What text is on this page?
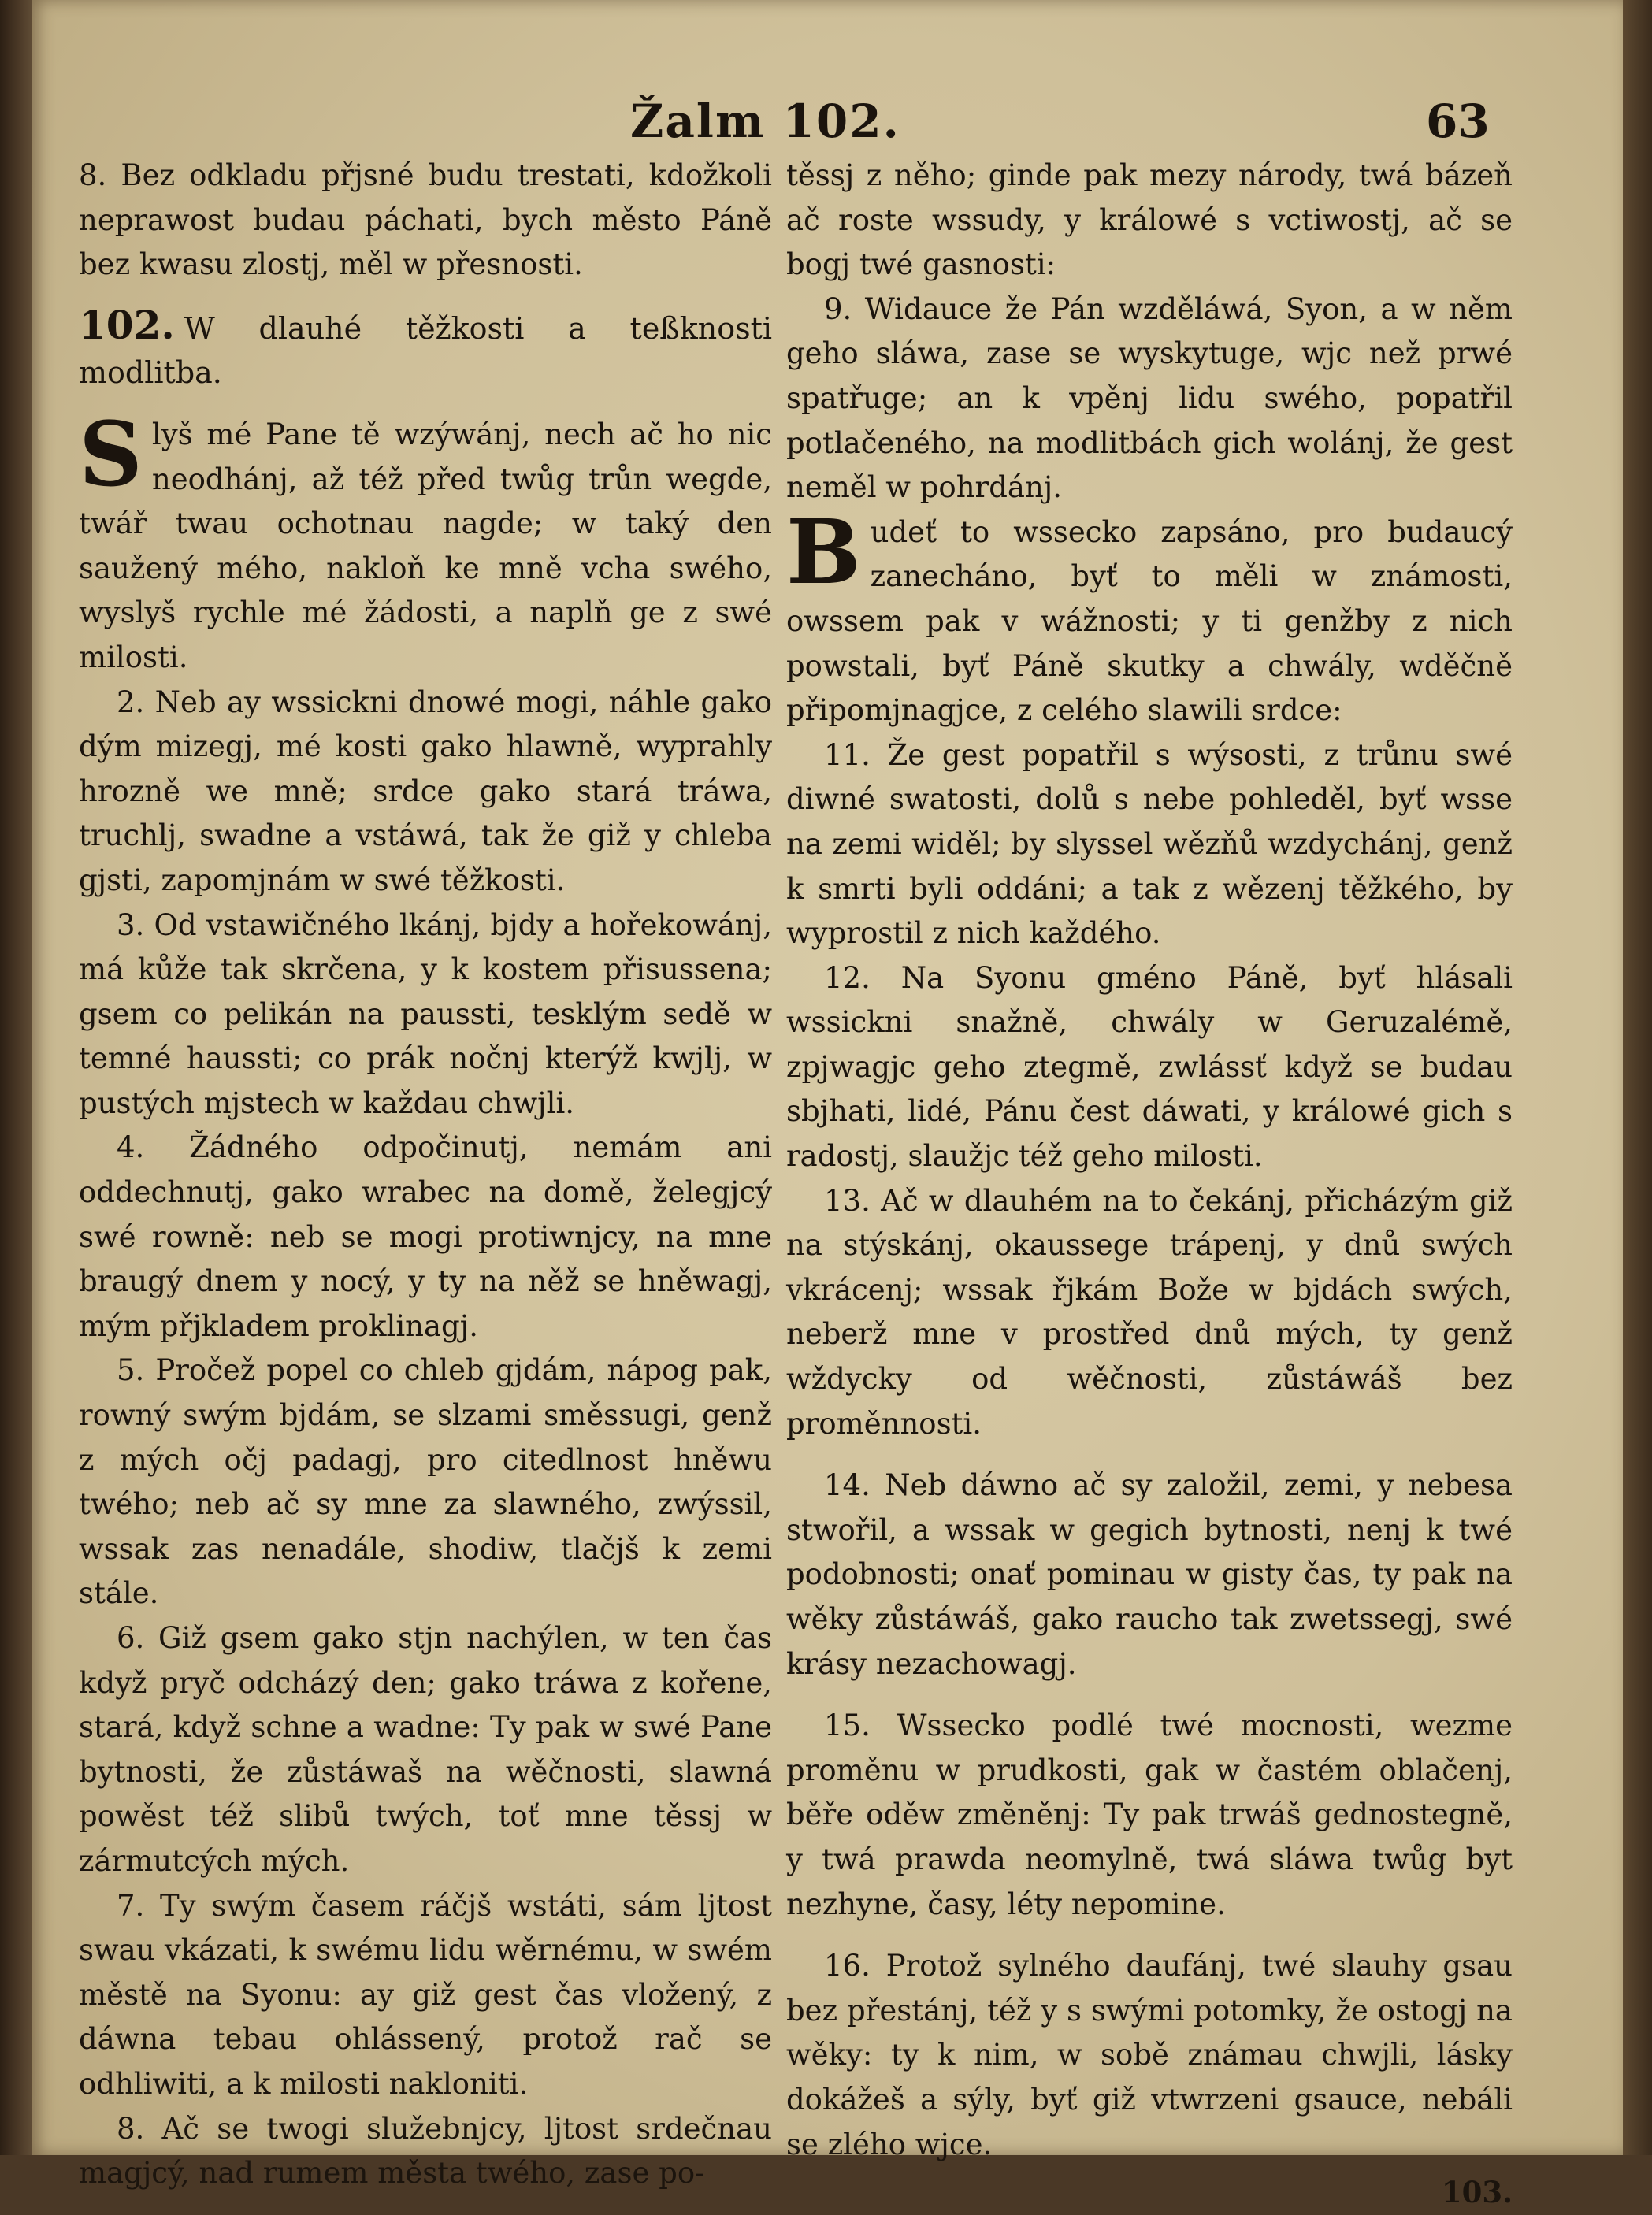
Žalm 102.	63

8. Bez odkladu přjsné budu trestati, kdožkoli neprawost budau páchati, bych město Páně bez kwasu zlostj, měl w přesnosti.

102. W dlauhé těžkosti a teßknosti modlitba.

Slyš mé Pane tě wzýwánj, nech ač ho nic neodhánj, až též před twůg trůn wegde, twář twau ochotnau nagde; w taký den saužený mého, nakloň ke mně vcha swého, wyslyš rychle mé žádosti, a naplň ge z swé milosti.

2. Neb ay wssickni dnowé mogi, náhle gako dým mizegj, mé kosti gako hlawně, wyprahly hrozně we mně; srdce gako stará tráwa, truchlj, swadne a vstáwá, tak že giž y chleba gjsti, zapomjnám w swé těžkosti.

3. Od vstawičného lkánj, bjdy a hořekowánj, má kůže tak skrčena, y k kostem přisussena; gsem co pelikán na paussti, tesklým sedě w temné haussti; co prák nočnj kterýž kwjlj, w pustých mjstech w každau chwjli.

4. Žádného odpočinutj, nemám ani oddechnutj, gako wrabec na domě, želegjcý swé rowně: neb se mogi protiwnjcy, na mne braugý dnem y nocý, y ty na něž se hněwagj, mým přjkladem proklinagj.

5. Pročež popel co chleb gjdám, nápog pak, rowný swým bjdám, se slzami směssugi, genž z mých očj padagj, pro citedlnost hněwu twého; neb ač sy mne za slawného, zwýssil, wssak zas nenadále, shodiw, tlačjš k zemi stále.

6. Giž gsem gako stjn nachýlen, w ten čas když pryč odcházý den; gako tráwa z kořene, stará, když schne a wadne: Ty pak w swé Pane bytnosti, že zůstáwaš na wěčnosti, slawná powěst též slibů twých, toť mne těssj w zármutcých mých.

7. Ty swým časem ráčjš wstáti, sám ljtost swau vkázati, k swému lidu wěrnému, w swém městě na Syonu: ay giž gest čas vložený, z dáwna tebau ohlássený, protož rač se odhliwiti, a k milosti nakloniti.

8. Ač se twogi služebnjcy, ljtost srdečnau magjcý, nad rumem města twého, zase po-

těssj z něho; ginde pak mezy národy, twá bázeň ač roste wssudy, y králowé s vctiwostj, ač se bogj twé gasnosti:

9. Widauce že Pán wzděláwá, Syon, a w něm geho sláwa, zase se wyskytuge, wjc než prwé spatřuge; an k vpěnj lidu swého, popatřil potlačeného, na modlitbách gich wolánj, že gest neměl w pohrdánj.

Budeť to wssecko zapsáno, pro budaucý zanecháno, byť to měli w známosti, owssem pak v wážnosti; y ti genžby z nich powstali, byť Páně skutky a chwály, wděčně připomjnagjce, z celého slawili srdce:

11. Že gest popatřil s wýsosti, z trůnu swé diwné swatosti, dolů s nebe pohleděl, byť wsse na zemi widěl; by slyssel wězňů wzdychánj, genž k smrti byli oddáni; a tak z wězenj těžkého, by wyprostil z nich každého.

12. Na Syonu gméno Páně, byť hlásali wssickni snažně, chwály w Geruzalémě, zpjwagjc geho ztegmě, zwlássť když se budau sbjhati, lidé, Pánu čest dáwati, y králowé gich s radostj, slaužjc též geho milosti.

13. Ač w dlauhém na to čekánj, přicházým giž na stýskánj, okaussege trápenj, y dnů swých vkrácenj; wssak řjkám Bože w bjdách swých, neberž mne v prostřed dnů mých, ty genž wždycky od wěčnosti, zůstáwáš bez proměnnosti.

14. Neb dáwno ač sy založil, zemi, y nebesa stwořil, a wssak w gegich bytnosti, nenj k twé podobnosti; onať pominau w gisty čas, ty pak na wěky zůstáwáš, gako raucho tak zwetssegj, swé krásy nezachowagj.

15. Wssecko podlé twé mocnosti, wezme proměnu w prudkosti, gak w častém oblačenj, běře oděw změněnj: Ty pak trwáš gednostegně, y twá prawda neomylně, twá sláwa twůg byt nezhyne, časy, léty nepomine.

16. Protož sylného daufánj, twé slauhy gsau bez přestánj, též y s swými potomky, že ostogj na wěky: ty k nim, w sobě známau chwjli, lásky dokážeš a sýly, byť giž vtwrzeni gsauce, nebáli se zlého wjce.

103.
